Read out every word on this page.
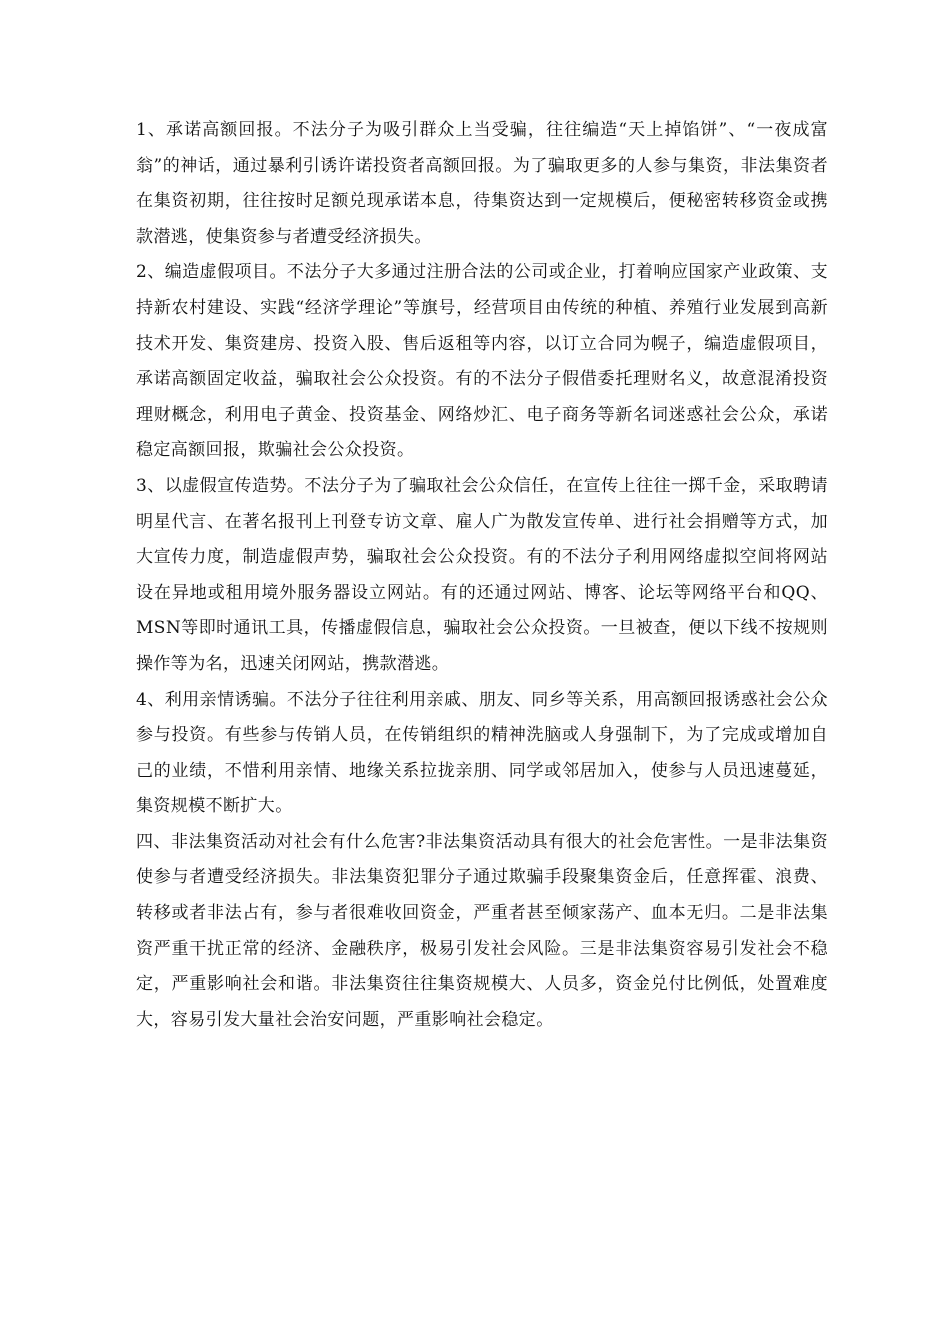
1、承诺高额回报。不法分子为吸引群众上当受骗，往往编造“天上掉馅饼”、“一夜成富翁”的神话，通过暴利引诱许诺投资者高额回报。为了骗取更多的人参与集资，非法集资者在集资初期，往往按时足额兑现承诺本息，待集资达到一定规模后，便秘密转移资金或携款潜逃，使集资参与者遭受经济损失。

2、编造虚假项目。不法分子大多通过注册合法的公司或企业，打着响应国家产业政策、支持新农村建设、实践“经济学理论”等旗号，经营项目由传统的种植、养殖行业发展到高新技术开发、集资建房、投资入股、售后返租等内容，以订立合同为幌子，编造虚假项目，承诺高额固定收益，骗取社会公众投资。有的不法分子假借委托理财名义，故意混淆投资理财概念，利用电子黄金、投资基金、网络炒汇、电子商务等新名词迷惑社会公众，承诺稳定高额回报，欺骗社会公众投资。

3、以虚假宣传造势。不法分子为了骗取社会公众信任，在宣传上往往一掷千金，采取聘请明星代言、在著名报刊上刊登专访文章、雇人广为散发宣传单、进行社会捐赠等方式，加大宣传力度，制造虚假声势，骗取社会公众投资。有的不法分子利用网络虚拟空间将网站设在异地或租用境外服务器设立网站。有的还通过网站、博客、论坛等网络平台和QQ、MSN等即时通讯工具，传播虚假信息，骗取社会公众投资。一旦被查，便以下线不按规则操作等为名，迅速关闭网站，携款潜逃。

4、利用亲情诱骗。不法分子往往利用亲戚、朋友、同乡等关系，用高额回报诱惑社会公众参与投资。有些参与传销人员，在传销组织的精神洗脑或人身强制下，为了完成或增加自己的业绩，不惜利用亲情、地缘关系拉拢亲朋、同学或邻居加入，使参与人员迅速蔓延，集资规模不断扩大。

四、非法集资活动对社会有什么危害?非法集资活动具有很大的社会危害性。一是非法集资使参与者遭受经济损失。非法集资犯罪分子通过欺骗手段聚集资金后，任意挥霍、浪费、转移或者非法占有，参与者很难收回资金，严重者甚至倾家荡产、血本无归。二是非法集资严重干扰正常的经济、金融秩序，极易引发社会风险。三是非法集资容易引发社会不稳定，严重影响社会和谐。非法集资往往集资规模大、人员多，资金兑付比例低，处置难度大，容易引发大量社会治安问题，严重影响社会稳定。
